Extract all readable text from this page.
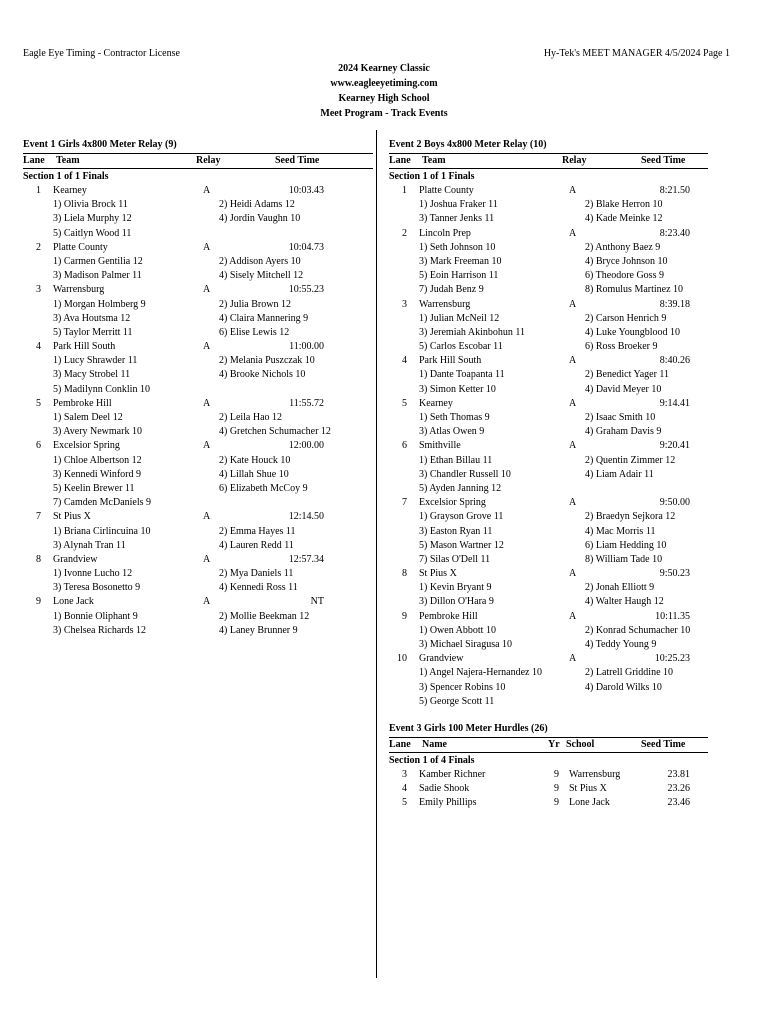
Eagle Eye Timing - Contractor License	Hy-Tek's MEET MANAGER 4/5/2024 Page 1
2024 Kearney Classic
www.eagleeyetiming.com
Kearney High School
Meet Program - Track Events
Event 1 Girls 4x800 Meter Relay (9)
Lane Team	Relay	Seed Time
Section 1 of 1 Finals
1 Kearney	A	10:03.43
1) Olivia Brock 11	2) Heidi Adams 12
3) Liela Murphy 12	4) Jordin Vaughn 10
5) Caitlyn Wood 11
2 Platte County	A	10:04.73
1) Carmen Gentilia 12	2) Addison Ayers 10
3) Madison Palmer 11	4) Sisely Mitchell 12
3 Warrensburg	A	10:55.23
1) Morgan Holmberg 9	2) Julia Brown 12
3) Ava Houtsma 12	4) Claira Mannering 9
5) Taylor Merritt 11	6) Elise Lewis 12
4 Park Hill South	A	11:00.00
1) Lucy Shrawder 11	2) Melania Puszczak 10
3) Macy Strobel 11	4) Brooke Nichols 10
5) Madilynn Conklin 10
5 Pembroke Hill	A	11:55.72
1) Salem Deel 12	2) Leila Hao 12
3) Avery Newmark 10	4) Gretchen Schumacher 12
6 Excelsior Spring	A	12:00.00
1) Chloe Albertson 12	2) Kate Houck 10
3) Kennedi Winford 9	4) Lillah Shue 10
5) Keelin Brewer 11	6) Elizabeth McCoy 9
7) Camden McDaniels 9
7 St Pius X	A	12:14.50
1) Briana Cirlincuina 10	2) Emma Hayes 11
3) Alynah Tran 11	4) Lauren Redd 11
8 Grandview	A	12:57.34
1) Ivonne Lucho 12	2) Mya Daniels 11
3) Teresa Bosonetto 9	4) Kennedi Ross 11
9 Lone Jack	A	NT
1) Bonnie Oliphant 9	2) Mollie Beekman 12
3) Chelsea Richards 12	4) Laney Brunner 9
Event 2 Boys 4x800 Meter Relay (10)
Lane Team	Relay	Seed Time
Section 1 of 1 Finals
1 Platte County	A	8:21.50
1) Joshua Fraker 11	2) Blake Herron 10
3) Tanner Jenks 11	4) Kade Meinke 12
2 Lincoln Prep	A	8:23.40
1) Seth Johnson 10	2) Anthony Baez 9
3) Mark Freeman 10	4) Bryce Johnson 10
5) Eoin Harrison 11	6) Theodore Goss 9
7) Judah Benz 9	8) Romulus Martinez 10
3 Warrensburg	A	8:39.18
1) Julian McNeil 12	2) Carson Henrich 9
3) Jeremiah Akinbohun 11	4) Luke Youngblood 10
5) Carlos Escobar 11	6) Ross Broeker 9
4 Park Hill South	A	8:40.26
1) Dante Toapanta 11	2) Benedict Yager 11
3) Simon Ketter 10	4) David Meyer 10
5 Kearney	A	9:14.41
1) Seth Thomas 9	2) Isaac Smith 10
3) Atlas Owen 9	4) Graham Davis 9
6 Smithville	A	9:20.41
1) Ethan Billau 11	2) Quentin Zimmer 12
3) Chandler Russell 10	4) Liam Adair 11
5) Ayden Janning 12
7 Excelsior Spring	A	9:50.00
1) Grayson Grove 11	2) Braedyn Sejkora 12
3) Easton Ryan 11	4) Mac Morris 11
5) Mason Wartner 12	6) Liam Hedding 10
7) Silas O'Dell 11	8) William Tade 10
8 St Pius X	A	9:50.23
1) Kevin Bryant 9	2) Jonah Elliott 9
3) Dillon O'Hara 9	4) Walter Haugh 12
9 Pembroke Hill	A	10:11.35
1) Owen Abbott 10	2) Konrad Schumacher 10
3) Michael Siragusa 10	4) Teddy Young 9
10 Grandview	A	10:25.23
1) Angel Najera-Hernandez 10	2) Latrell Griddine 10
3) Spencer Robins 10	4) Darold Wilks 10
5) George Scott 11
Event 3 Girls 100 Meter Hurdles (26)
Lane Name	Yr School	Seed Time
Section 1 of 4 Finals
3 Kamber Richner	9 Warrensburg	23.81
4 Sadie Shook	9 St Pius X	23.26
5 Emily Phillips	9 Lone Jack	23.46
